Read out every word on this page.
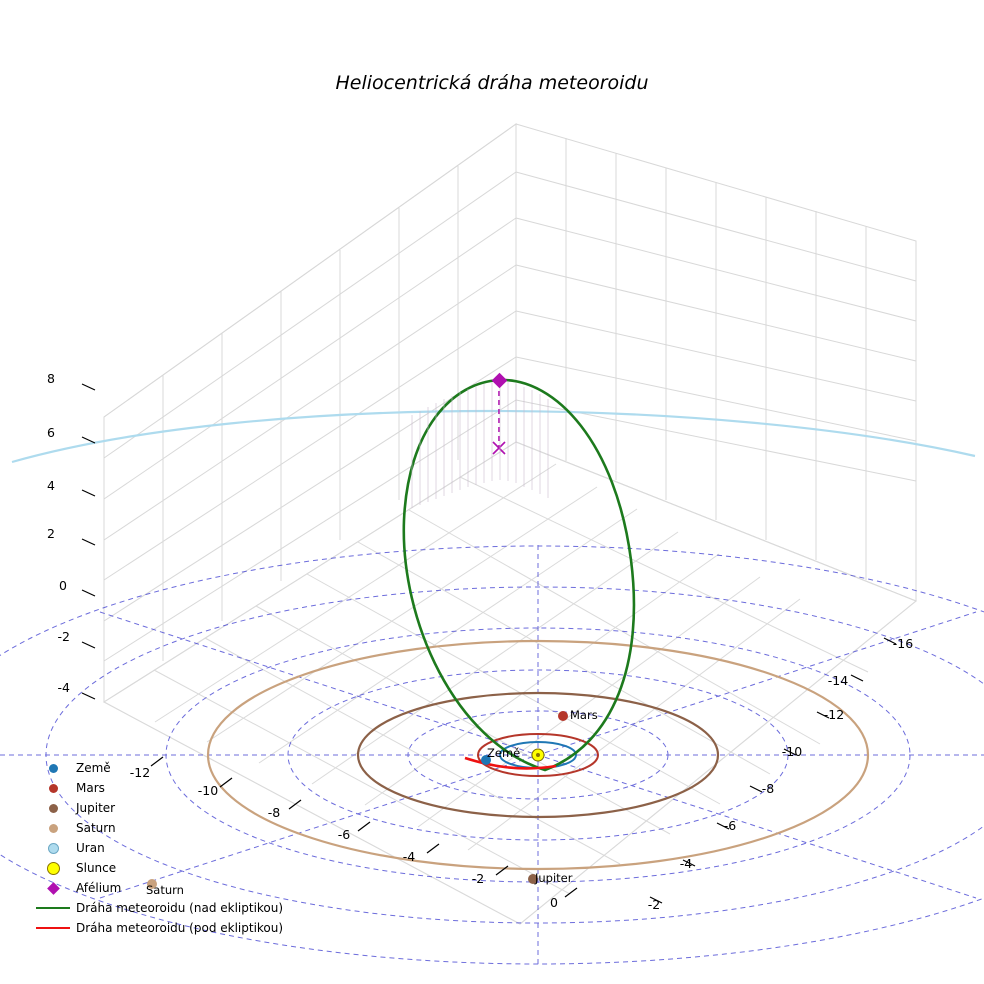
Heliocentrická dráha meteoroidu
8
6
4
2
0
-2
-4
-12
-10
-8
-6
-4
-2
0
-16
-14
-12
-10
-8
-6
-4
-2
Mars
Země
Jupiter
Saturn
Země
Mars
Jupiter
Saturn
Uran
Slunce
Afélium
Dráha meteoroidu (nad ekliptikou)
Dráha meteoroidu (pod ekliptikou)
